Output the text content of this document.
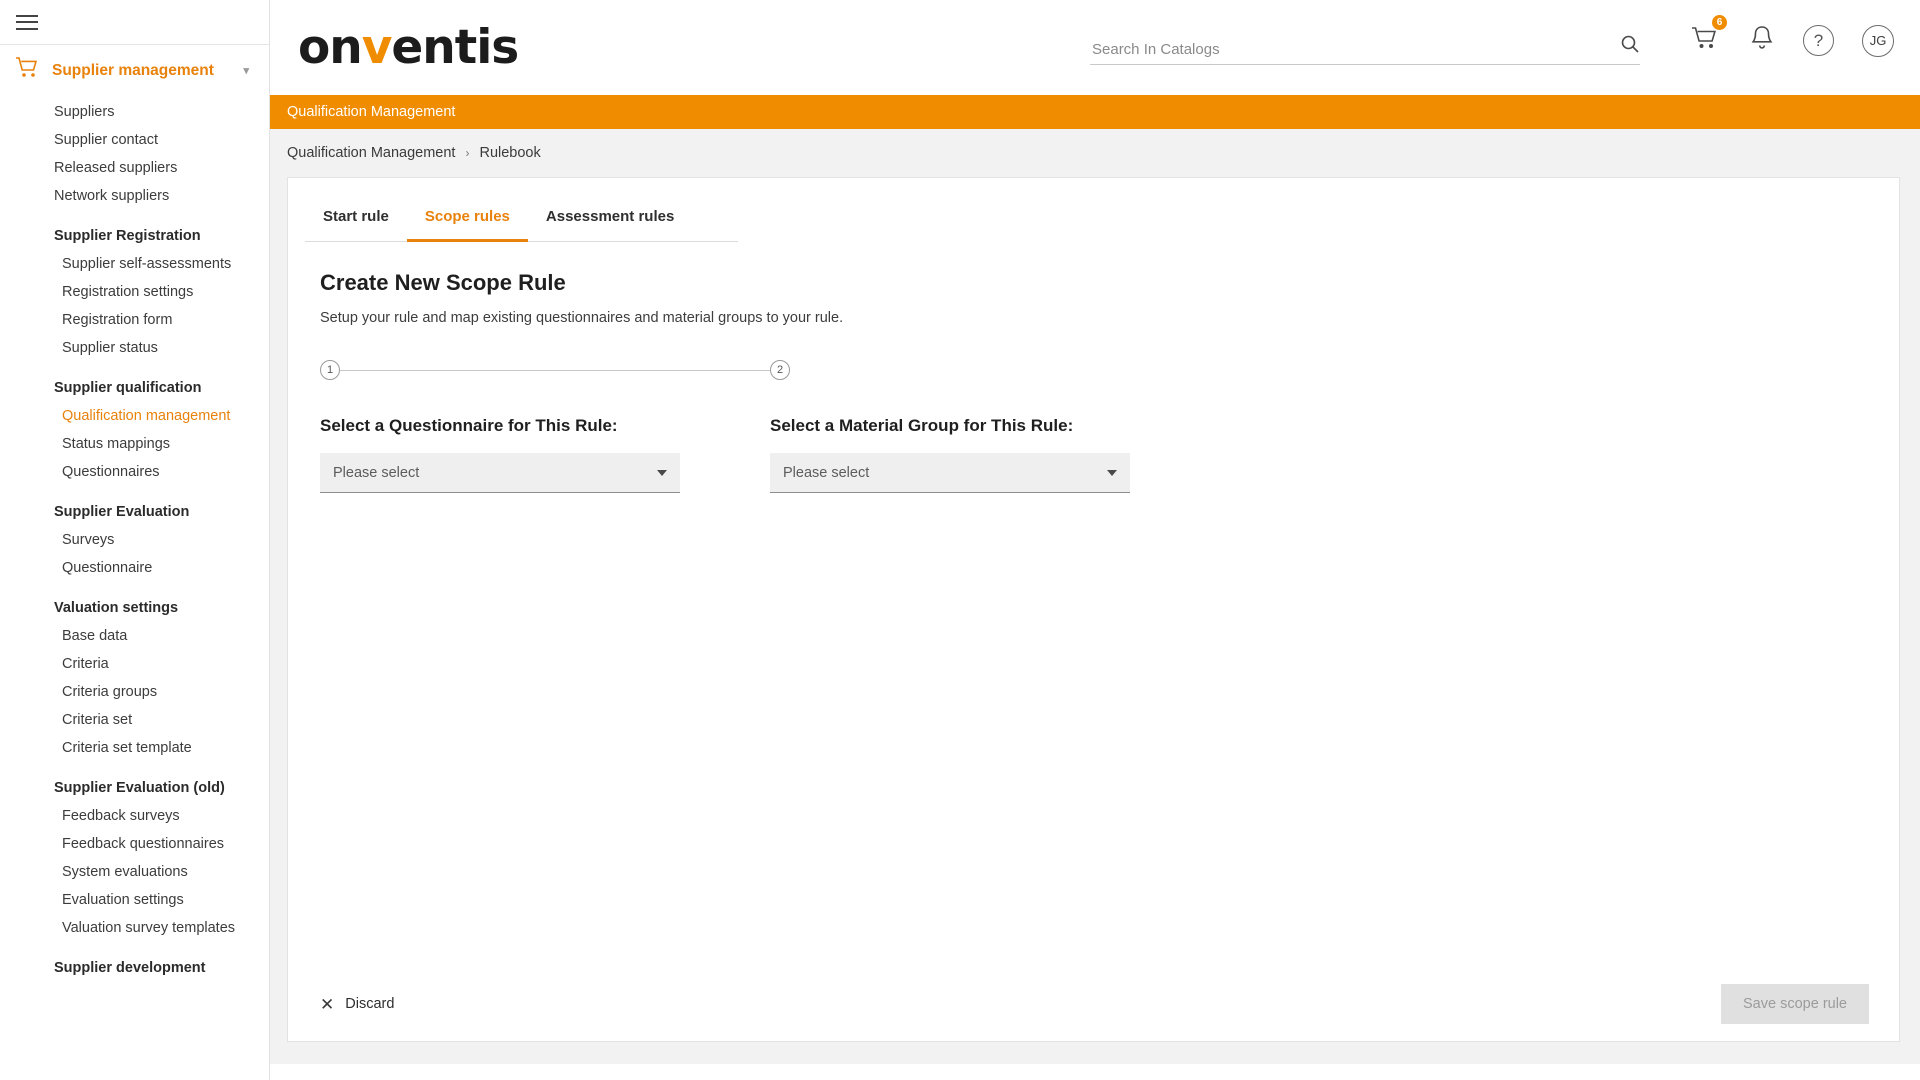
Supplier management	▾
Suppliers
Supplier contact
Released suppliers
Network suppliers
Supplier Registration
Supplier self-assessments
Registration settings
Registration form
Supplier status
Supplier qualification
Qualification management
Status mappings
Questionnaires
Supplier Evaluation
Surveys
Questionnaire
Valuation settings
Base data
Criteria
Criteria groups
Criteria set
Criteria set template
Supplier Evaluation (old)
Feedback surveys
Feedback questionnaires
System evaluations
Evaluation settings
Valuation survey templates
Supplier development
onventis
Search In Catalogs	6
?	JG
Qualification Management
Qualification Management › Rulebook
Start rule	Scope rules	Assessment rules
Create New Scope Rule

Setup your rule and map existing questionnaires and material groups to your rule.

1	2
Select a Questionnaire for This Rule:
Please select
Select a Material Group for This Rule:
Please select
✕ Discard	Save scope rule
